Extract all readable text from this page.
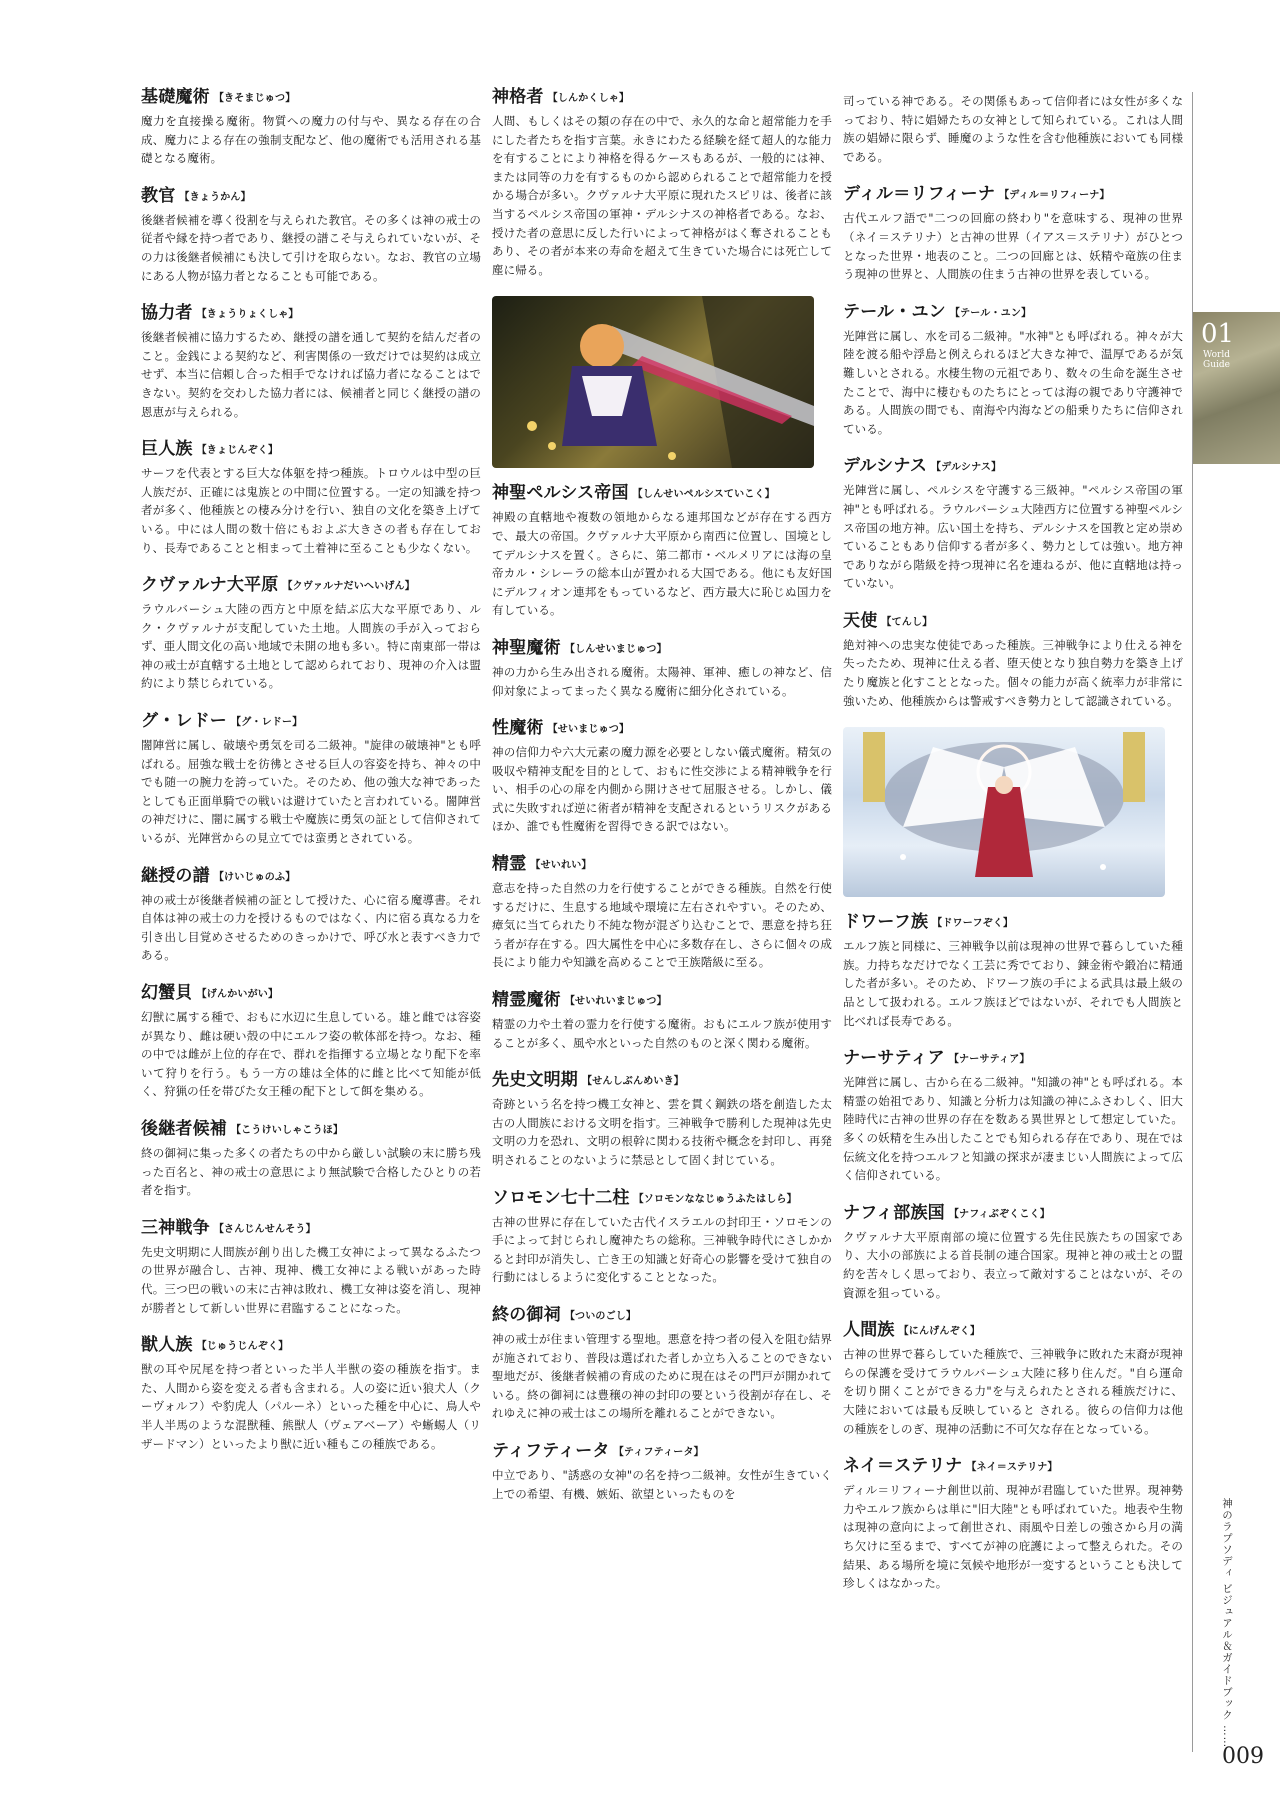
基礎魔術 【きそまじゅつ】

魔力を直接操る魔術。物質への魔力の付与や、異なる存在の合成、魔力による存在の強制支配など、他の魔術でも活用される基礎となる魔術。

教官 【きょうかん】

後継者候補を導く役割を与えられた教官。その多くは神の戒士の従者や縁を持つ者であり、継授の譜こそ与えられていないが、その力は後継者候補にも決して引けを取らない。なお、教官の立場にある人物が協力者となることも可能である。

協力者 【きょうりょくしゃ】

後継者候補に協力するため、継授の譜を通して契約を結んだ者のこと。金銭による契約など、利害関係の一致だけでは契約は成立せず、本当に信頼し合った相手でなければ協力者になることはできない。契約を交わした協力者には、候補者と同じく継授の譜の恩恵が与えられる。

巨人族 【きょじんぞく】

サーフを代表とする巨大な体躯を持つ種族。トロウルは中型の巨人族だが、正確には鬼族との中間に位置する。一定の知識を持つ者が多く、他種族との棲み分けを行い、独自の文化を築き上げている。中には人間の数十倍にもおよぶ大きさの者も存在しており、長寿であることと相まって土着神に至ることも少なくない。

クヴァルナ大平原 【クヴァルナだいへいげん】

ラウルバーシュ大陸の西方と中原を結ぶ広大な平原であり、ルク・クヴァルナが支配していた土地。人間族の手が入っておらず、亜人間文化の高い地域で未開の地も多い。特に南東部一帯は神の戒士が直轄する土地として認められており、現神の介入は盟約により禁じられている。

グ・レドー 【グ・レドー】

闇陣営に属し、破壊や勇気を司る二級神。"旋律の破壊神"とも呼ばれる。屈強な戦士を彷彿とさせる巨人の容姿を持ち、神々の中でも随一の腕力を誇っていた。そのため、他の強大な神であったとしても正面単騎での戦いは避けていたと言われている。闇陣営の神だけに、闇に属する戦士や魔族に勇気の証として信仰されているが、光陣営からの見立てでは蛮勇とされている。

継授の譜 【けいじゅのふ】

神の戒士が後継者候補の証として授けた、心に宿る魔導書。それ自体は神の戒士の力を授けるものではなく、内に宿る真なる力を引き出し目覚めさせるためのきっかけで、呼び水と表すべき力である。

幻蟹貝 【げんかいがい】

幻獣に属する種で、おもに水辺に生息している。雄と雌では容姿が異なり、雌は硬い殻の中にエルフ姿の軟体部を持つ。なお、種の中では雌が上位的存在で、群れを指揮する立場となり配下を率いて狩りを行う。もう一方の雄は全体的に雌と比べて知能が低く、狩猟の任を帯びた女王種の配下として餌を集める。

後継者候補 【こうけいしゃこうほ】

終の御祠に集った多くの者たちの中から厳しい試験の末に勝ち残った百名と、神の戒士の意思により無試験で合格したひとりの若者を指す。

三神戦争 【さんじんせんそう】

先史文明期に人間族が創り出した機工女神によって異なるふたつの世界が融合し、古神、現神、機工女神による戦いがあった時代。三つ巴の戦いの末に古神は敗れ、機工女神は姿を消し、現神が勝者として新しい世界に君臨することになった。

獣人族 【じゅうじんぞく】

獣の耳や尻尾を持つ者といった半人半獣の姿の種族を指す。また、人間から姿を変える者も含まれる。人の姿に近い狼犬人（クーヴォルフ）や豹虎人（パルーネ）といった種を中心に、鳥人や半人半馬のような混獣種、熊獣人（ヴェアベーア）や蜥蜴人（リザードマン）といったより獣に近い種もこの種族である。

神格者 【しんかくしゃ】

人間、もしくはその類の存在の中で、永久的な命と超常能力を手にした者たちを指す言葉。永きにわたる経験を経て超人的な能力を有することにより神格を得るケースもあるが、一般的には神、または同等の力を有するものから認められることで超常能力を授かる場合が多い。クヴァルナ大平原に現れたスピリは、後者に該当するペルシス帝国の軍神・デルシナスの神格者である。なお、授けた者の意思に反した行いによって神格がはく奪されることもあり、その者が本来の寿命を超えて生きていた場合には死亡して塵に帰る。

神聖ペルシス帝国 【しんせいペルシスていこく】

神殿の直轄地や複数の領地からなる連邦国などが存在する西方で、最大の帝国。クヴァルナ大平原から南西に位置し、国境としてデルシナスを置く。さらに、第二都市・ベルメリアには海の皇帝カル・シレーラの総本山が置かれる大国である。他にも友好国にデルフィオン連邦をもっているなど、西方最大に恥じぬ国力を有している。

神聖魔術 【しんせいまじゅつ】

神の力から生み出される魔術。太陽神、軍神、癒しの神など、信仰対象によってまったく異なる魔術に細分化されている。

性魔術 【せいまじゅつ】

神の信仰力や六大元素の魔力源を必要としない儀式魔術。精気の吸収や精神支配を目的として、おもに性交渉による精神戦争を行い、相手の心の扉を内側から開けさせて屈服させる。しかし、儀式に失敗すれば逆に術者が精神を支配されるというリスクがあるほか、誰でも性魔術を習得できる訳ではない。

精霊 【せいれい】

意志を持った自然の力を行使することができる種族。自然を行使するだけに、生息する地域や環境に左右されやすい。そのため、瘴気に当てられたり不純な物が混ざり込むことで、悪意を持ち狂う者が存在する。四大属性を中心に多数存在し、さらに個々の成長により能力や知識を高めることで王族階級に至る。

精霊魔術 【せいれいまじゅつ】

精霊の力や土着の霊力を行使する魔術。おもにエルフ族が使用することが多く、風や水といった自然のものと深く関わる魔術。

先史文明期 【せんしぶんめいき】

奇跡という名を持つ機工女神と、雲を貫く鋼鉄の塔を創造した太古の人間族における文明を指す。三神戦争で勝利した現神は先史文明の力を恐れ、文明の根幹に関わる技術や概念を封印し、再発明されることのないように禁忌として固く封じている。

ソロモン七十二柱 【ソロモンななじゅうふたはしら】

古神の世界に存在していた古代イスラエルの封印王・ソロモンの手によって封じられし魔神たちの総称。三神戦争時代にさしかかると封印が消失し、亡き王の知識と好奇心の影響を受けて独自の行動にはしるように変化することとなった。

終の御祠 【ついのごし】

神の戒士が住まい管理する聖地。悪意を持つ者の侵入を阻む結界が施されており、普段は選ばれた者しか立ち入ることのできない聖地だが、後継者候補の育成のために現在はその門戸が開かれている。終の御祠には豊穣の神の封印の要という役割が存在し、それゆえに神の戒士はこの場所を離れることができない。

ティフティータ 【ティフティータ】

中立であり、"誘惑の女神"の名を持つ二級神。女性が生きていく上での希望、有機、嫉妬、欲望といったものを

司っている神である。その関係もあって信仰者には女性が多くなっており、特に娼婦たちの女神として知られている。これは人間族の娼婦に限らず、睡魔のような性を含む他種族においても同様である。

ディル＝リフィーナ 【ディル＝リフィーナ】

古代エルフ語で"二つの回廊の終わり"を意味する、現神の世界（ネイ＝ステリナ）と古神の世界（イアス＝ステリナ）がひとつとなった世界・地表のこと。二つの回廊とは、妖精や竜族の住まう現神の世界と、人間族の住まう古神の世界を表している。

テール・ユン 【テール・ユン】

光陣営に属し、水を司る二級神。"水神"とも呼ばれる。神々が大陸を渡る船や浮島と例えられるほど大きな神で、温厚であるが気難しいとされる。水棲生物の元祖であり、数々の生命を誕生させたことで、海中に棲むものたちにとっては海の親であり守護神である。人間族の間でも、南海や内海などの船乗りたちに信仰されている。

デルシナス 【デルシナス】

光陣営に属し、ペルシスを守護する三級神。"ペルシス帝国の軍神"とも呼ばれる。ラウルバーシュ大陸西方に位置する神聖ペルシス帝国の地方神。広い国土を持ち、デルシナスを国教と定め崇めていることもあり信仰する者が多く、勢力としては強い。地方神でありながら階級を持つ現神に名を連ねるが、他に直轄地は持っていない。

天使 【てんし】

絶対神への忠実な使徒であった種族。三神戦争により仕える神を失ったため、現神に仕える者、堕天使となり独自勢力を築き上げたり魔族と化すこととなった。個々の能力が高く統率力が非常に強いため、他種族からは警戒すべき勢力として認識されている。

ドワーフ族 【ドワーフぞく】

エルフ族と同様に、三神戦争以前は現神の世界で暮らしていた種族。力持ちなだけでなく工芸に秀でており、錬金術や鍛冶に精通した者が多い。そのため、ドワーフ族の手による武具は最上級の品として扱われる。エルフ族ほどではないが、それでも人間族と比べれば長寿である。

ナーサティア 【ナーサティア】

光陣営に属し、古から在る二級神。"知識の神"とも呼ばれる。本精霊の始祖であり、知識と分析力は知識の神にふさわしく、旧大陸時代に古神の世界の存在を数ある異世界として想定していた。多くの妖精を生み出したことでも知られる存在であり、現在では伝統文化を持つエルフと知識の探求が凄まじい人間族によって広く信仰されている。

ナフィ部族国 【ナフィぶぞくこく】

クヴァルナ大平原南部の境に位置する先住民族たちの国家であり、大小の部族による首長制の連合国家。現神と神の戒士との盟約を苦々しく思っており、表立って敵対することはないが、その資源を狙っている。

人間族 【にんげんぞく】

古神の世界で暮らしていた種族で、三神戦争に敗れた末裔が現神らの保護を受けてラウルバーシュ大陸に移り住んだ。"自ら運命を切り開くことができる力"を与えられたとされる種族だけに、大陸においては最も反映していると される。彼らの信仰力は他の種族をしのぎ、現神の活動に不可欠な存在となっている。

ネイ＝ステリナ 【ネイ＝ステリナ】

ディル＝リフィーナ創世以前、現神が君臨していた世界。現神勢力やエルフ族からは単に"旧大陸"とも呼ばれていた。地表や生物は現神の意向によって創世され、雨風や日差しの強さから月の満ち欠けに至るまで、すべてが神の庇護によって整えられた。その結果、ある場所を境に気候や地形が一変するということも決して珍しくはなかった。

01
World Guide
神のラプソディ ビジュアル＆ガイドブック ……
009
